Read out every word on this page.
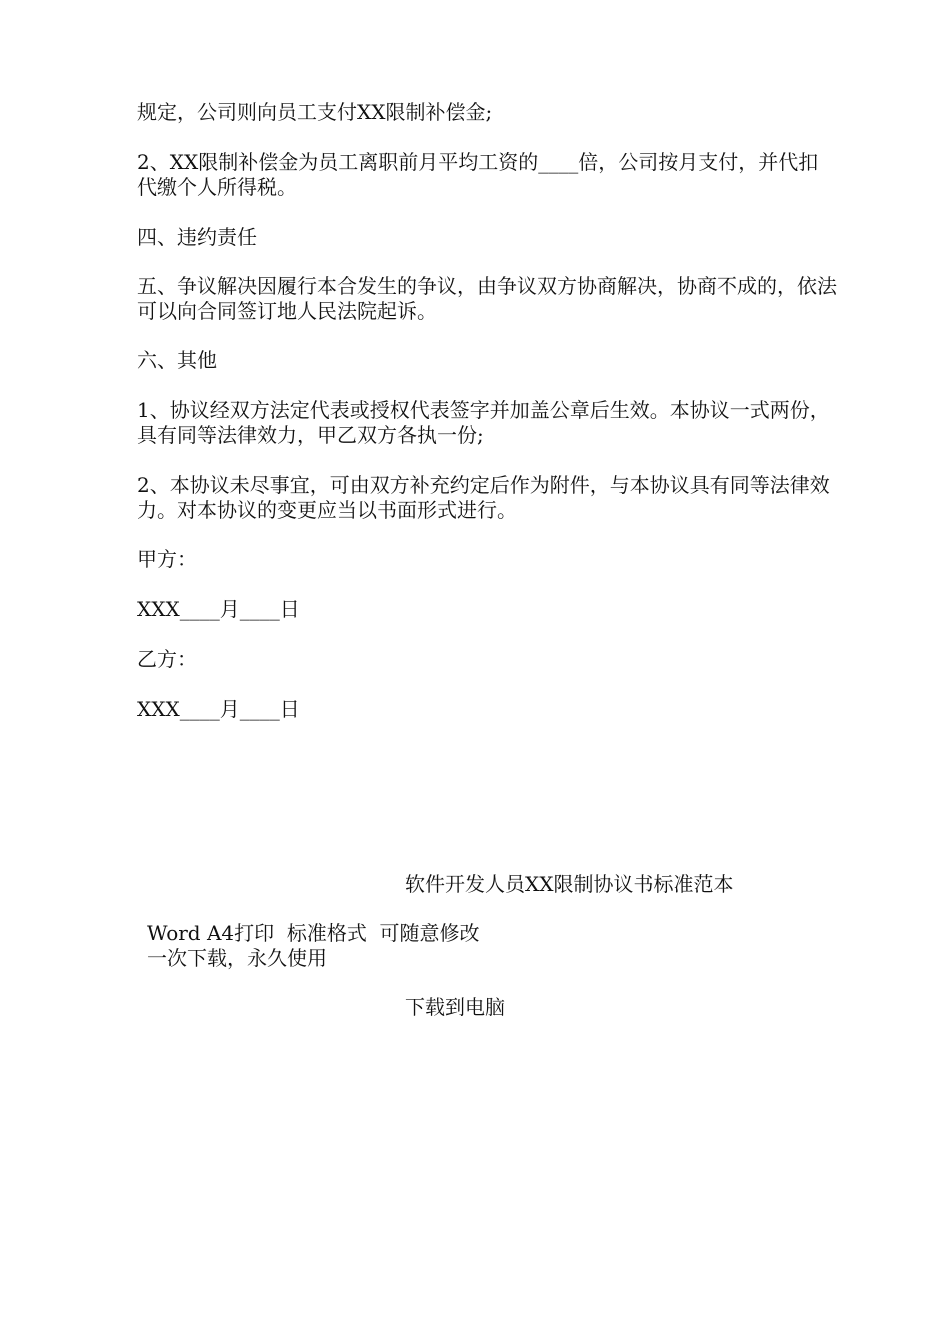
规定，公司则向员工支付XX限制补偿金;

2、XX限制补偿金为员工离职前月平均工资的____倍，公司按月支付，并代扣代缴个人所得税。

四、违约责任

五、争议解决因履行本合发生的争议，由争议双方协商解决，协商不成的，依法可以向合同签订地人民法院起诉。

六、其他

1、协议经双方法定代表或授权代表签字并加盖公章后生效。本协议一式两份，具有同等法律效力，甲乙双方各执一份;

2、本协议未尽事宜，可由双方补充约定后作为附件，与本协议具有同等法律效力。对本协议的变更应当以书面形式进行。

甲方：

XXX____月____日

乙方：

XXX____月____日

软件开发人员XX限制协议书标准范本
Word A4打印  标准格式  可随意修改
一次下载，永久使用
下载到电脑
